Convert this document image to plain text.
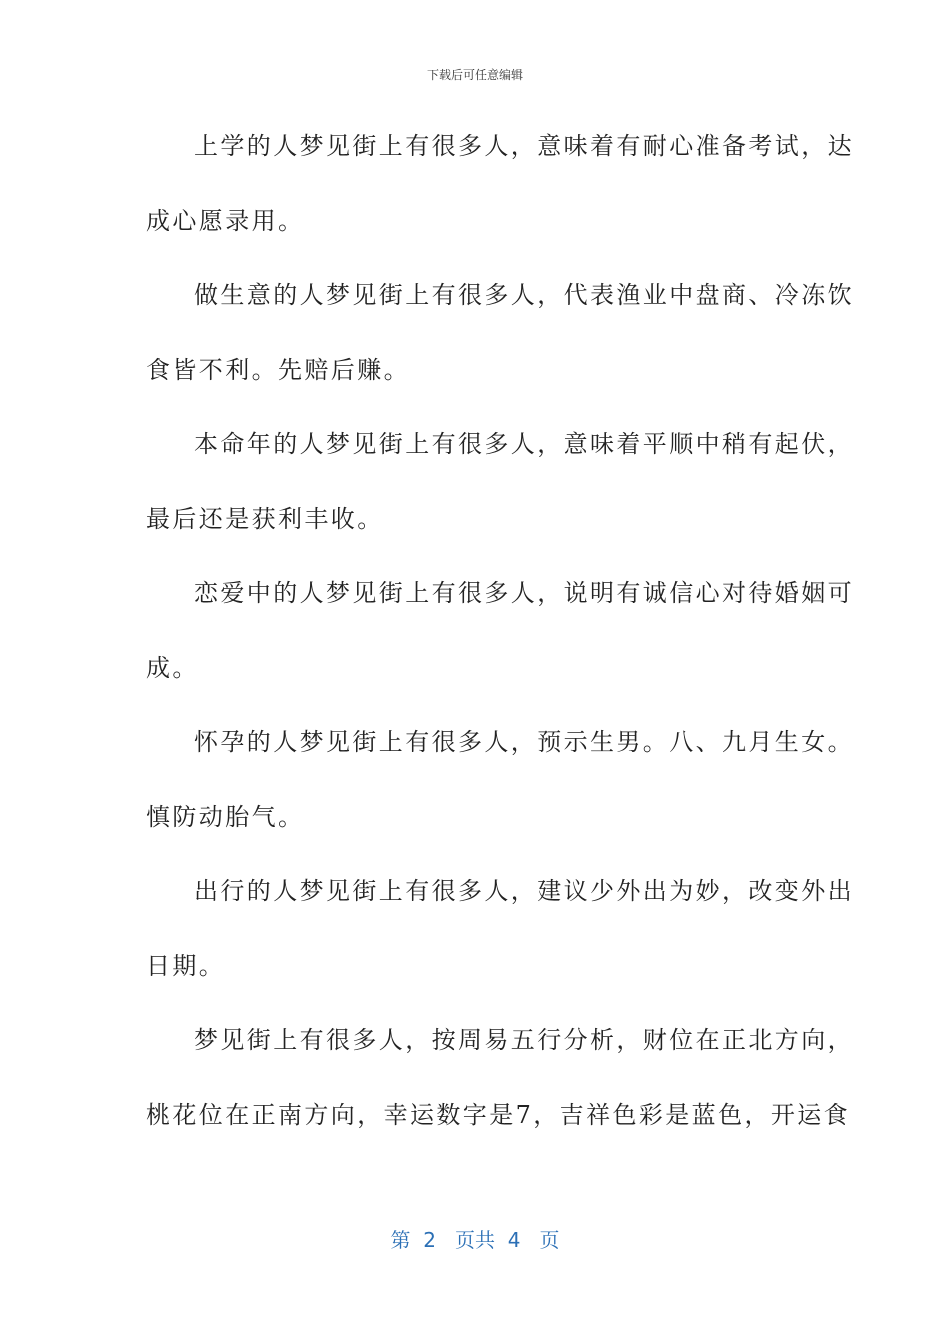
下载后可任意编辑
上学的人梦见街上有很多人，意味着有耐心准备考试，达
成心愿录用。
做生意的人梦见街上有很多人，代表渔业中盘商、冷冻饮
食皆不利。先赔后赚。
本命年的人梦见街上有很多人，意味着平顺中稍有起伏，
最后还是获利丰收。
恋爱中的人梦见街上有很多人，说明有诚信心对待婚姻可
成。
怀孕的人梦见街上有很多人，预示生男。八、九月生女。
慎防动胎气。
出行的人梦见街上有很多人，建议少外出为妙，改变外出
日期。
梦见街上有很多人，按周易五行分析，财位在正北方向，
桃花位在正南方向，幸运数字是7，吉祥色彩是蓝色，开运食
第  2   页共  4   页
